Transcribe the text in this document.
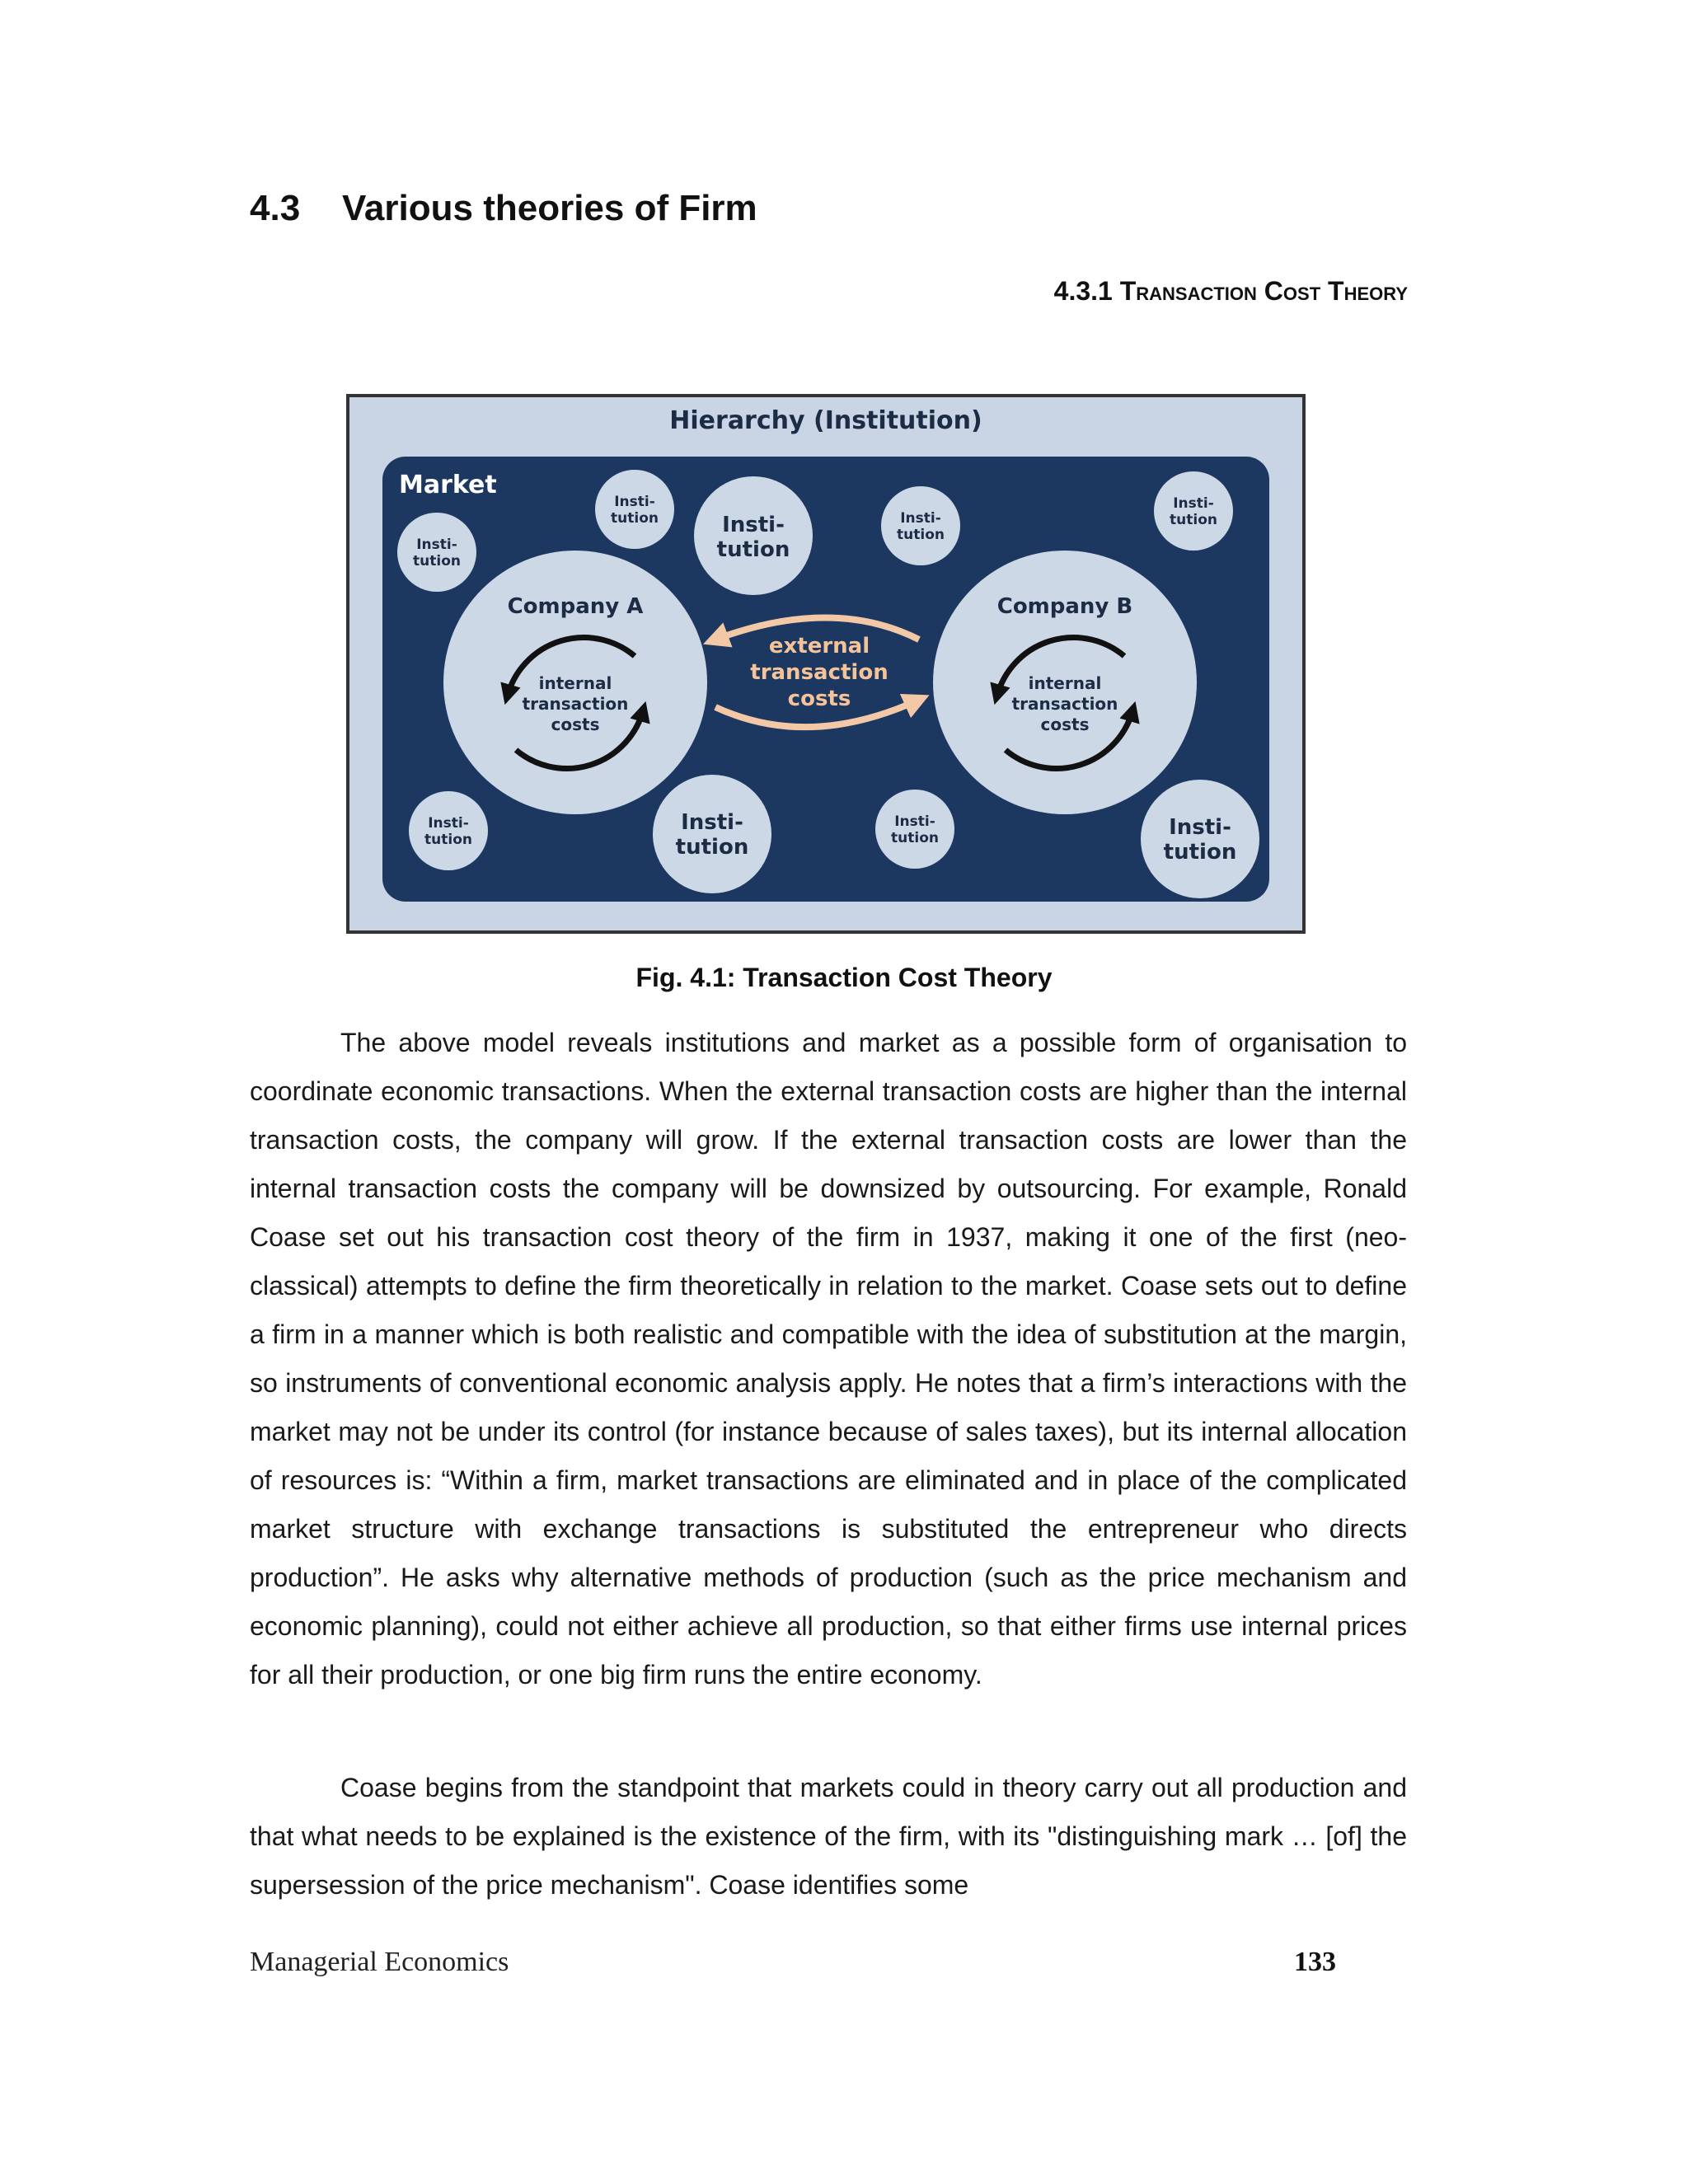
4.3 Various theories of Firm
4.3.1 Transaction Cost Theory
Hierarchy (Institution)
Market
Insti-
tution
Insti-
tution	Insti-
tution
Insti-
tution
Insti-
tution
Insti-
tution
Insti-
tution
Insti-
tution
Insti-
tution
Company A
internal
transaction
costs
Company B
internal
transaction
costs
external
transaction
costs
Fig. 4.1: Transaction Cost Theory

The above model reveals institutions and market as a possible form of organisation to coordinate economic transactions. When the external transaction costs are higher than the internal transaction costs, the company will grow. If the external transaction costs are lower than the internal transaction costs the company will be downsized by outsourcing. For example, Ronald Coase set out his transaction cost theory of the firm in 1937, making it one of the first (neo-classical) attempts to define the firm theoretically in relation to the market. Coase sets out to define a firm in a manner which is both realistic and compatible with the idea of substitution at the margin, so instruments of conventional economic analysis apply. He notes that a firm’s interactions with the market may not be under its control (for instance because of sales taxes), but its internal allocation of resources is: “Within a firm, market transactions are eliminated and in place of the complicated market structure with exchange transactions is substituted the entrepreneur who directs production”. He asks why alternative methods of production (such as the price mechanism and economic planning), could not either achieve all production, so that either firms use internal prices for all their production, or one big firm runs the entire economy.

Coase begins from the standpoint that markets could in theory carry out all production and that what needs to be explained is the existence of the firm, with its "distinguishing mark … [of] the supersession of the price mechanism". Coase identifies some

Managerial Economics	133
